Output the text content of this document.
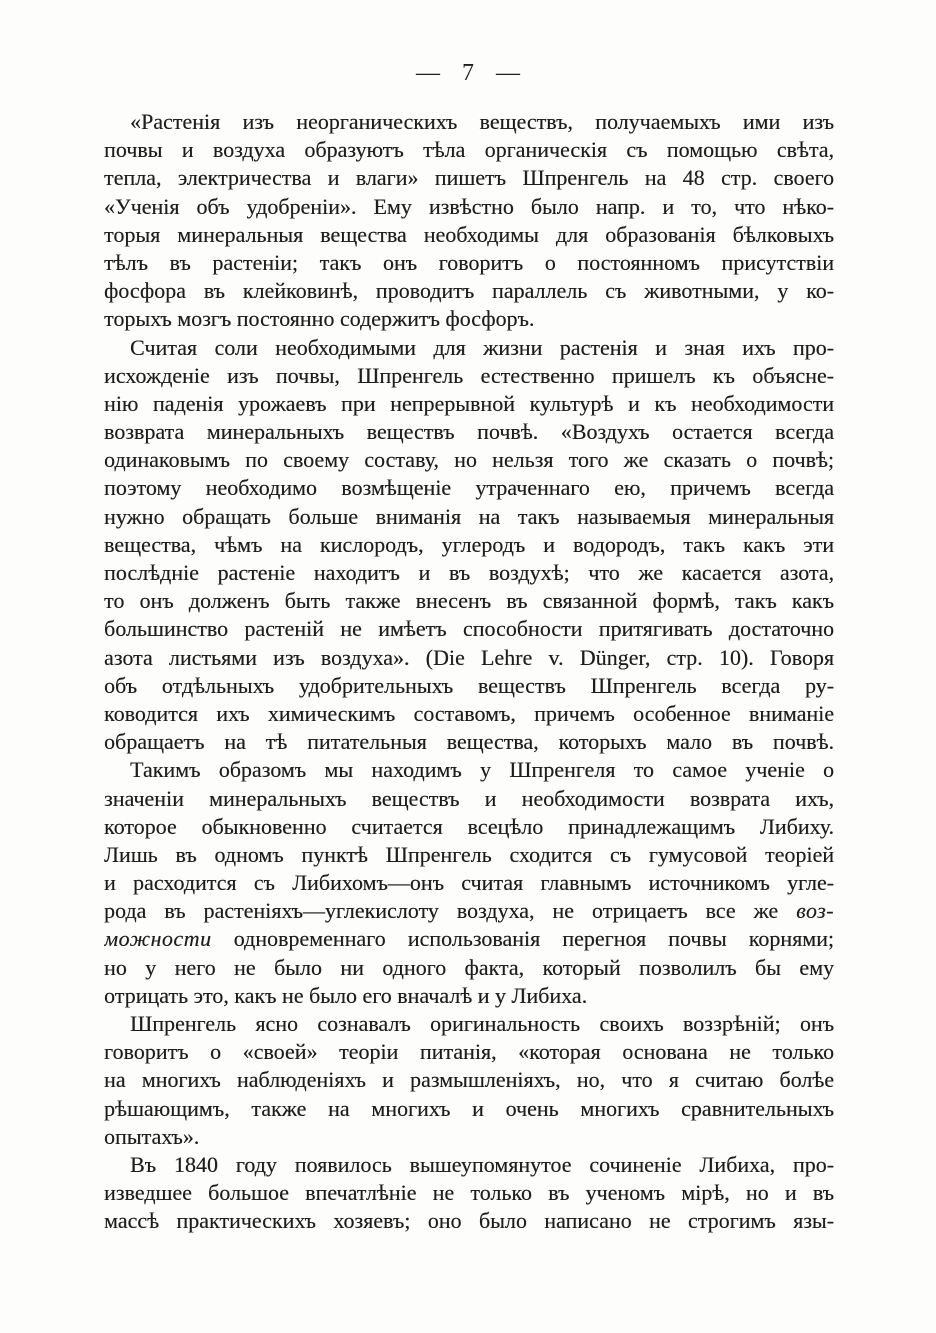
— 7 —
«Растенія изъ неорганическихъ веществъ, получаемыхъ ими изъ
почвы и воздуха образуютъ тѣла органическія съ помощью свѣта,
тепла, электричества и влаги» пишетъ Шпренгель на 48 стр. своего
«Ученія объ удобреніи». Ему извѣстно было напр. и то, что нѣко-
торыя минеральныя вещества необходимы для образованія бѣлковыхъ
тѣлъ въ растеніи; такъ онъ говоритъ о постоянномъ присутствіи
фосфора въ клейковинѣ, проводитъ параллель съ животными, у ко-
торыхъ мозгъ постоянно содержитъ фосфоръ.
Считая соли необходимыми для жизни растенія и зная ихъ про-
исхожденіе изъ почвы, Шпренгель естественно пришелъ къ объясне-
нію паденія урожаевъ при непрерывной культурѣ и къ необходимости
возврата минеральныхъ веществъ почвѣ. «Воздухъ остается всегда
одинаковымъ по своему составу, но нельзя того же сказать о почвѣ;
поэтому необходимо возмѣщеніе утраченнаго ею, причемъ всегда
нужно обращать больше вниманія на такъ называемыя минеральныя
вещества, чѣмъ на кислородъ, углеродъ и водородъ, такъ какъ эти
послѣдніе растеніе находитъ и въ воздухѣ; что же касается азота,
то онъ долженъ быть также внесенъ въ связанной формѣ, такъ какъ
большинство растеній не имѣетъ способности притягивать достаточно
азота листьями изъ воздуха». (Die Lehre v. Dünger, стр. 10). Говоря
объ отдѣльныхъ удобрительныхъ веществъ Шпренгель всегда ру-
ководится ихъ химическимъ составомъ, причемъ особенное вниманіе
обращаетъ на тѣ питательныя вещества, которыхъ мало въ почвѣ.
Такимъ образомъ мы находимъ у Шпренгеля то самое ученіе о
значеніи минеральныхъ веществъ и необходимости возврата ихъ,
которое обыкновенно считается всецѣло принадлежащимъ Либиху.
Лишь въ одномъ пунктѣ Шпренгель сходится съ гумусовой теоріей
и расходится съ Либихомъ—онъ считая главнымъ источникомъ угле-
рода въ растеніяхъ—углекислоту воздуха, не отрицаетъ все же воз-
можности одновременнаго использованія перегноя почвы корнями;
но у него не было ни одного факта, который позволилъ бы ему
отрицать это, какъ не было его вначалѣ и у Либиха.
Шпренгель ясно сознавалъ оригинальность своихъ воззрѣній; онъ
говоритъ о «своей» теоріи питанія, «которая основана не только
на многихъ наблюденіяхъ и размышленіяхъ, но, что я считаю болѣе
рѣшающимъ, также на многихъ и очень многихъ сравнительныхъ
опытахъ».
Въ 1840 году появилось вышеупомянутое сочиненіе Либиха, про-
изведшее большое впечатлѣніе не только въ ученомъ мірѣ, но и въ
массѣ практическихъ хозяевъ; оно было написано не строгимъ язы-
